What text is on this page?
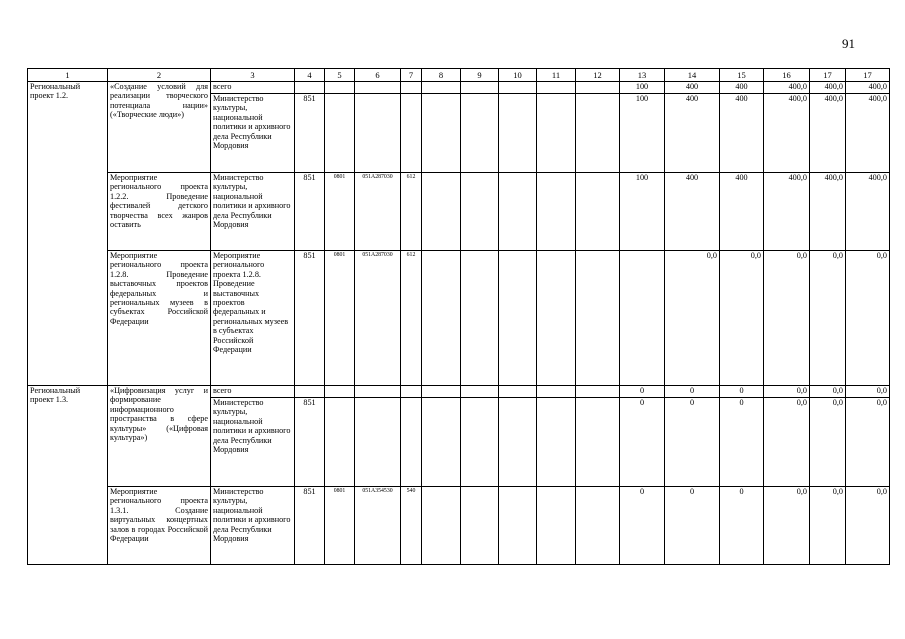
91
1	2	3	4	5	6	7	8	9	10	11	12	13	14	15	16	17	17
Региональный проект 1.2.	«Создание условий для реализации творческого потенциала нации» («Творческие люди»)	всего										100	400	400	400,0	400,0	400,0
		Министерство культуры, национальной политики и архивного дела Республики Мордовия	851									100	400	400	400,0	400,0	400,0
	Мероприятие регионального проекта 1.2.2. Проведение фестивалей детского творчества всех жанров оставить	Министерство культуры, национальной политики и архивного дела Республики Мордовия	851	0801	051A287030	612						100	400	400	400,0	400,0	400,0
	Мероприятие регионального проекта 1.2.8. Проведение выставочных проектов федеральных и региональных музеев в субъектах Российской Федерации	Мероприятие регионального проекта 1.2.8. Проведение выставочных проектов федеральных и региональных музеев в субъектах Российской Федерации	851	0801	051A287030	612							0,0	0,0	0,0	0,0	0,0
Региональный проект 1.3.	«Цифровизация услуг и формирование информационного пространства в сфере культуры» («Цифровая культура»)	всего										0	0	0	0,0	0,0	0,0
		Министерство культуры, национальной политики и архивного дела Республики Мордовия	851									0	0	0	0,0	0,0	0,0
	Мероприятие регионального проекта 1.3.1. Создание виртуальных концертных залов в городах Российской Федерации	Министерство культуры, национальной политики и архивного дела Республики Мордовия	851	0801	051A354530	540						0	0	0	0,0	0,0	0,0
